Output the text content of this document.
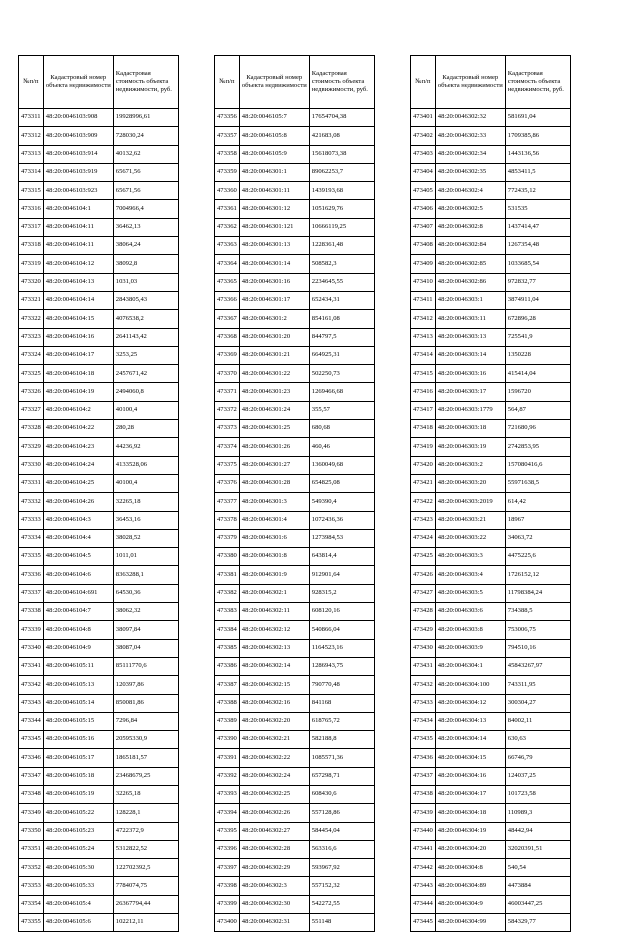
№п/п	Кадастровый номер объекта недвижимости	Кадастровая стоимость объекта недвижимости, руб.
473311	48:20:0046103:908	19928996,61
473312	48:20:0046103:909	728030,24
473313	48:20:0046103:914	40132,62
473314	48:20:0046103:919	65671,56
473315	48:20:0046103:923	65671,56
473316	48:20:0046104:1	7004966,4
473317	48:20:0046104:11	36462,13
473318	48:20:0046104:11	38064,24
473319	48:20:0046104:12	38092,8
473320	48:20:0046104:13	1031,03
473321	48:20:0046104:14	2843805,43
473322	48:20:0046104:15	4076538,2
473323	48:20:0046104:16	2641143,42
473324	48:20:0046104:17	3253,25
473325	48:20:0046104:18	2457671,42
473326	48:20:0046104:19	2494060,8
473327	48:20:0046104:2	40100,4
473328	48:20:0046104:22	280,28
473329	48:20:0046104:23	44236,92
473330	48:20:0046104:24	4133528,06
473331	48:20:0046104:25	40100,4
473332	48:20:0046104:26	32265,18
473333	48:20:0046104:3	36453,16
473334	48:20:0046104:4	38028,52
473335	48:20:0046104:5	1011,01
473336	48:20:0046104:6	8363288,1
473337	48:20:0046104:691	64530,36
473338	48:20:0046104:7	38062,32
473339	48:20:0046104:8	38097,84
473340	48:20:0046104:9	38087,04
473341	48:20:0046105:11	85111770,6
473342	48:20:0046105:13	120397,86
473343	48:20:0046105:14	850081,86
473344	48:20:0046105:15	7296,84
473345	48:20:0046105:16	20595330,9
473346	48:20:0046105:17	1865181,57
473347	48:20:0046105:18	23468679,25
473348	48:20:0046105:19	32265,18
473349	48:20:0046105:22	128228,1
473350	48:20:0046105:23	4722372,9
473351	48:20:0046105:24	5312822,52
473352	48:20:0046105:30	122702392,5
473353	48:20:0046105:33	7784074,75
473354	48:20:0046105:4	26367794,44
473355	48:20:0046105:6	102212,11
№п/п	Кадастровый номер объекта недвижимости	Кадастровая стоимость объекта недвижимости, руб.
473356	48:20:0046105:7	17654704,38
473357	48:20:0046105:8	421683,08
473358	48:20:0046105:9	15618073,38
473359	48:20:0046301:1	89062253,7
473360	48:20:0046301:11	1439193,68
473361	48:20:0046301:12	1051629,76
473362	48:20:0046301:121	10666119,25
473363	48:20:0046301:13	1228361,48
473364	48:20:0046301:14	508582,3
473365	48:20:0046301:16	2234645,55
473366	48:20:0046301:17	652434,31
473367	48:20:0046301:2	854161,08
473368	48:20:0046301:20	844797,5
473369	48:20:0046301:21	664925,31
473370	48:20:0046301:22	502250,73
473371	48:20:0046301:23	1269466,68
473372	48:20:0046301:24	355,57
473373	48:20:0046301:25	680,68
473374	48:20:0046301:26	460,46
473375	48:20:0046301:27	1360049,68
473376	48:20:0046301:28	654825,08
473377	48:20:0046301:3	549390,4
473378	48:20:0046301:4	1072436,36
473379	48:20:0046301:6	1273984,53
473380	48:20:0046301:8	643814,4
473381	48:20:0046301:9	912901,64
473382	48:20:0046302:1	928315,2
473383	48:20:0046302:11	608120,16
473384	48:20:0046302:12	540866,04
473385	48:20:0046302:13	1164523,16
473386	48:20:0046302:14	1286943,75
473387	48:20:0046302:15	790770,48
473388	48:20:0046302:16	841168
473389	48:20:0046302:20	618765,72
473390	48:20:0046302:21	582188,8
473391	48:20:0046302:22	1085571,36
473392	48:20:0046302:24	657298,71
473393	48:20:0046302:25	608430,6
473394	48:20:0046302:26	557128,86
473395	48:20:0046302:27	584454,04
473396	48:20:0046302:28	563316,6
473397	48:20:0046302:29	593967,92
473398	48:20:0046302:3	557152,32
473399	48:20:0046302:30	542272,55
473400	48:20:0046302:31	551148
№п/п	Кадастровый номер объекта недвижимости	Кадастровая стоимость объекта недвижимости, руб.
473401	48:20:0046302:32	581691,04
473402	48:20:0046302:33	1709385,86
473403	48:20:0046302:34	1443136,56
473404	48:20:0046302:35	4853411,5
473405	48:20:0046302:4	772435,12
473406	48:20:0046302:5	531535
473407	48:20:0046302:8	1437414,47
473408	48:20:0046302:84	1267354,48
473409	48:20:0046302:85	1033685,54
473410	48:20:0046302:86	972832,77
473411	48:20:0046303:1	3874911,04
473412	48:20:0046303:11	672896,28
473413	48:20:0046303:13	725541,9
473414	48:20:0046303:14	1350228
473415	48:20:0046303:16	415414,04
473416	48:20:0046303:17	1596720
473417	48:20:0046303:1779	564,87
473418	48:20:0046303:18	721680,96
473419	48:20:0046303:19	2742853,95
473420	48:20:0046303:2	157080416,6
473421	48:20:0046303:20	55971638,5
473422	48:20:0046303:2019	614,42
473423	48:20:0046303:21	18967
473424	48:20:0046303:22	34063,72
473425	48:20:0046303:3	4475225,6
473426	48:20:0046303:4	1726152,12
473427	48:20:0046303:5	11798384,24
473428	48:20:0046303:6	734388,5
473429	48:20:0046303:8	753006,75
473430	48:20:0046303:9	794510,16
473431	48:20:0046304:1	45843267,97
473432	48:20:0046304:100	743311,95
473433	48:20:0046304:12	300304,27
473434	48:20:0046304:13	84002,11
473435	48:20:0046304:14	630,63
473436	48:20:0046304:15	66746,79
473437	48:20:0046304:16	124037,25
473438	48:20:0046304:17	101723,58
473439	48:20:0046304:18	110989,3
473440	48:20:0046304:19	48442,94
473441	48:20:0046304:20	32020391,51
473442	48:20:0046304:8	540,54
473443	48:20:0046304:89	4473884
473444	48:20:0046304:9	46003447,25
473445	48:20:0046304:99	584329,77
